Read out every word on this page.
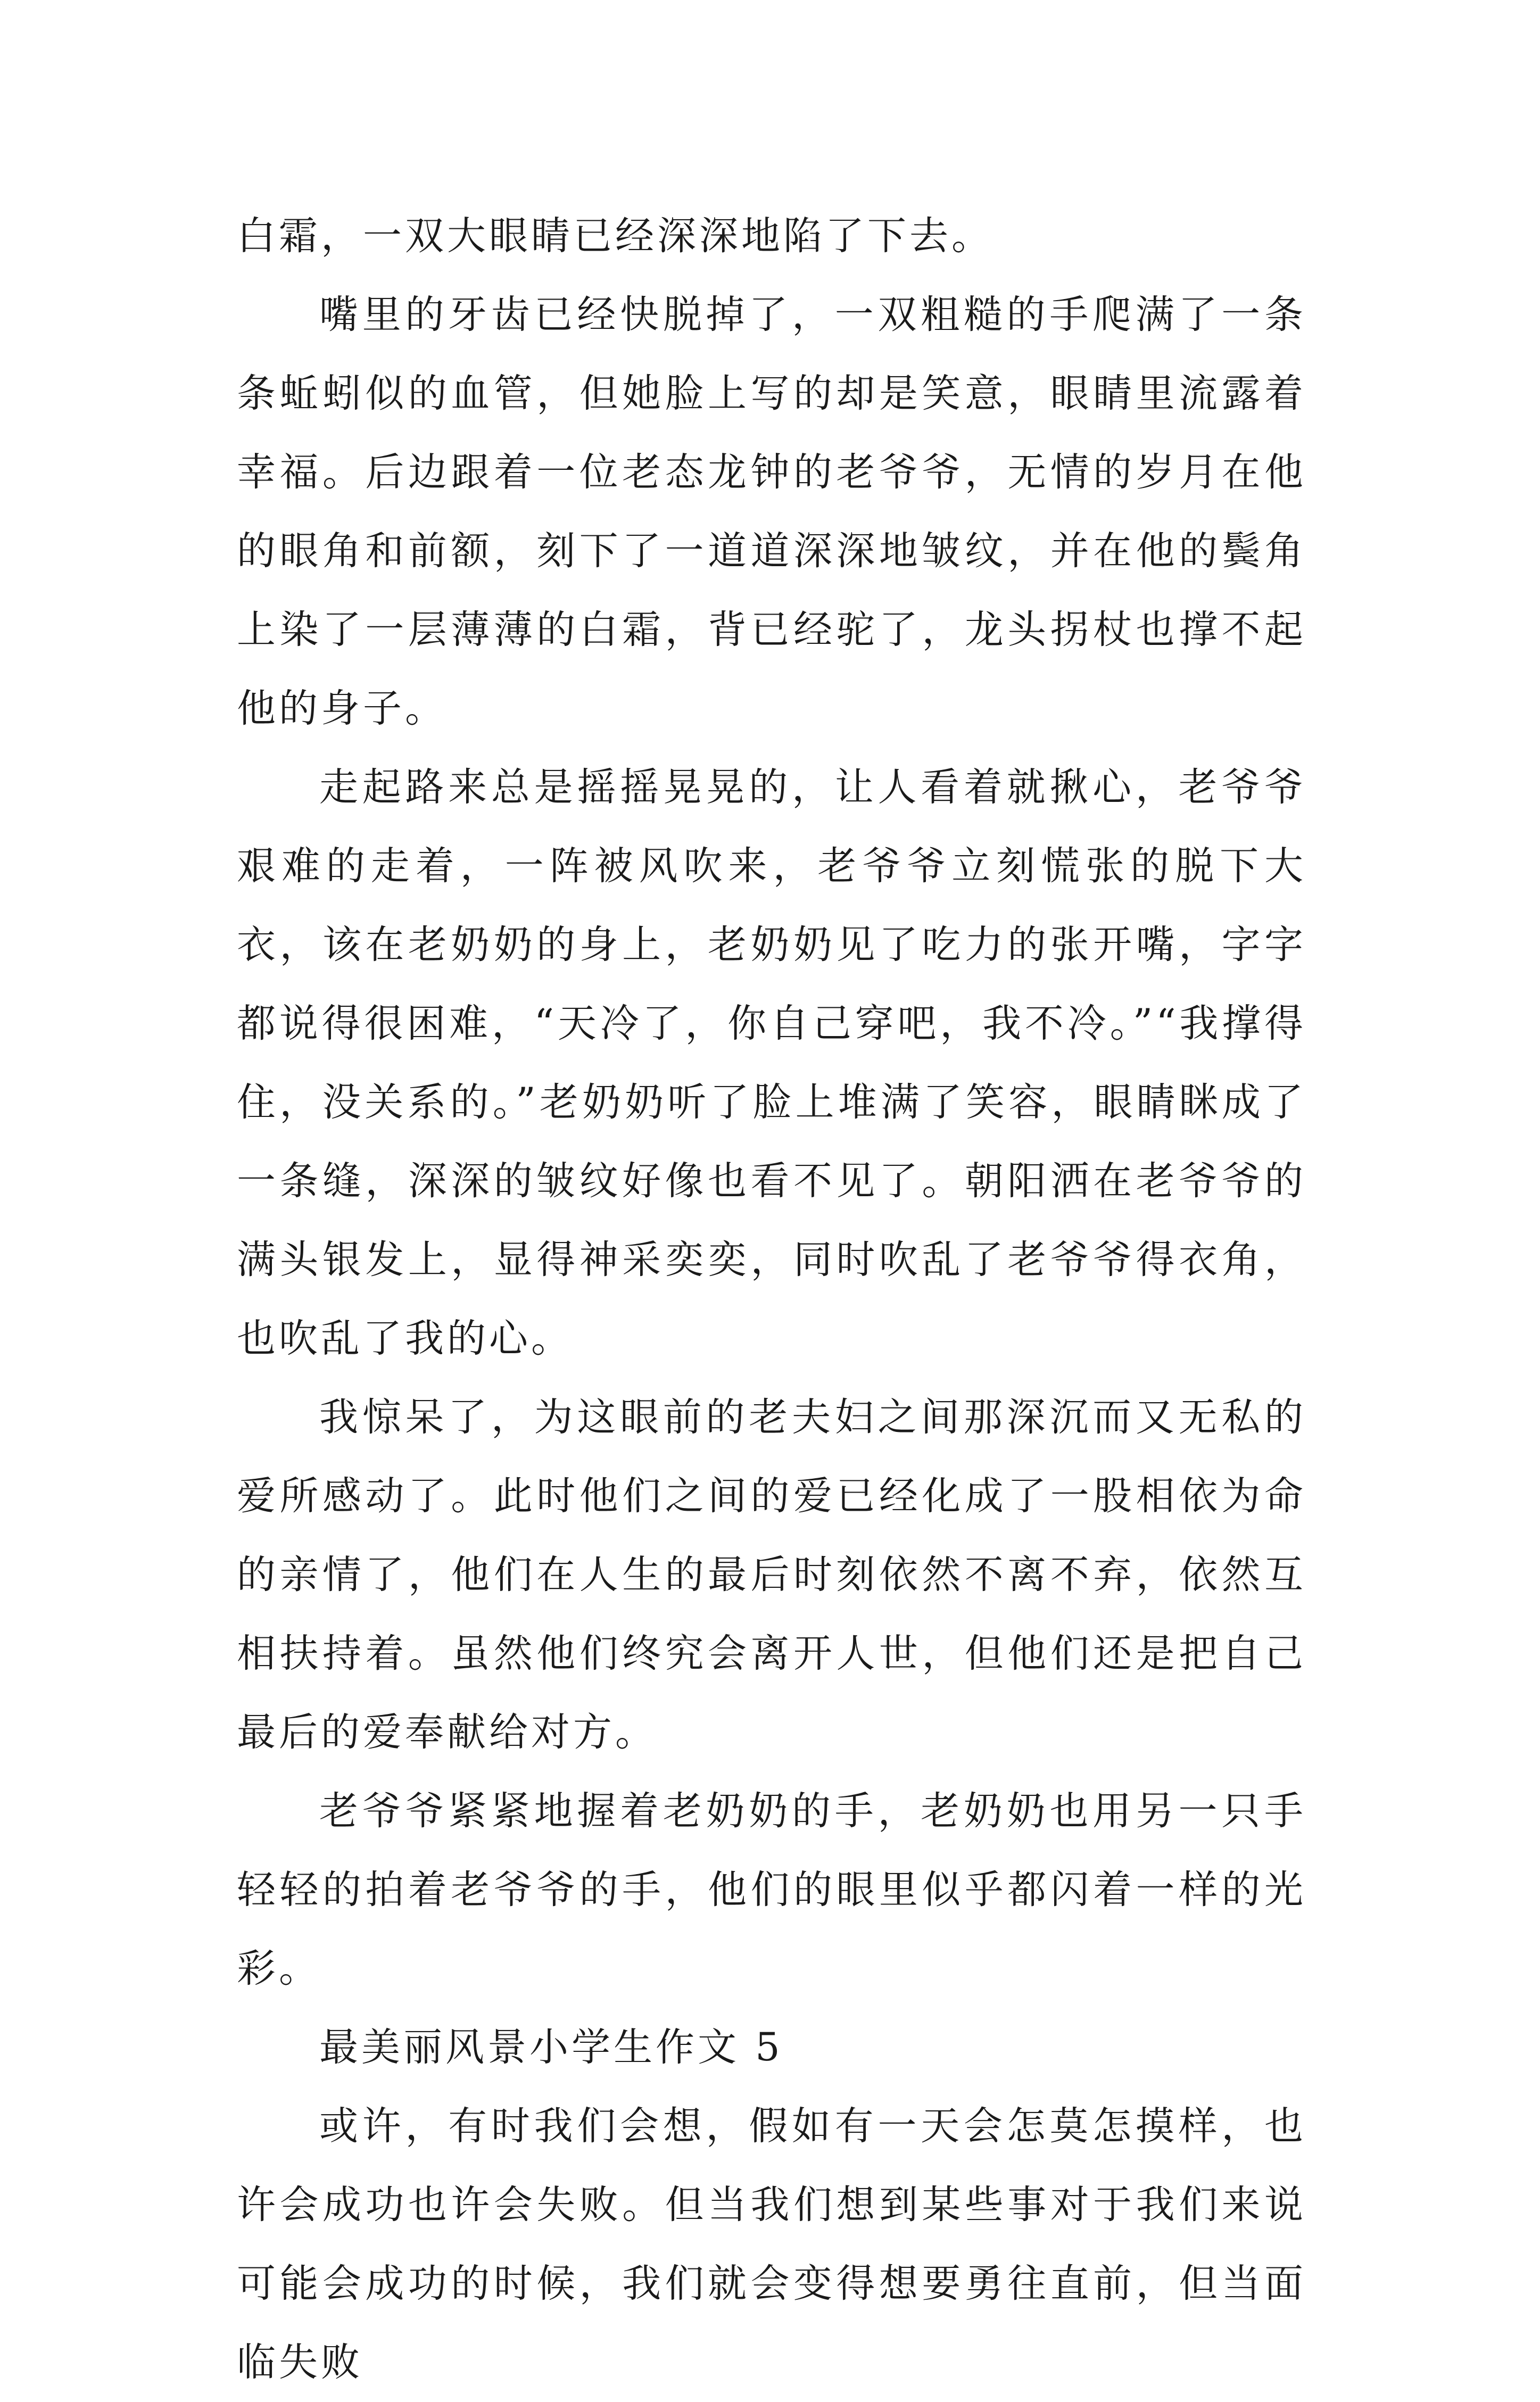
白霜，一双大眼睛已经深深地陷了下去。

嘴里的牙齿已经快脱掉了，一双粗糙的手爬满了一条条蚯蚓似的血管，但她脸上写的却是笑意，眼睛里流露着幸福。后边跟着一位老态龙钟的老爷爷，无情的岁月在他的眼角和前额，刻下了一道道深深地皱纹，并在他的鬓角上染了一层薄薄的白霜，背已经驼了，龙头拐杖也撑不起他的身子。

走起路来总是摇摇晃晃的，让人看着就揪心，老爷爷艰难的走着，一阵被风吹来，老爷爷立刻慌张的脱下大衣，该在老奶奶的身上，老奶奶见了吃力的张开嘴，字字都说得很困难，“天冷了，你自己穿吧，我不冷。”“我撑得住，没关系的。”老奶奶听了脸上堆满了笑容，眼睛眯成了一条缝，深深的皱纹好像也看不见了。朝阳洒在老爷爷的满头银发上，显得神采奕奕，同时吹乱了老爷爷得衣角，也吹乱了我的心。

我惊呆了，为这眼前的老夫妇之间那深沉而又无私的爱所感动了。此时他们之间的爱已经化成了一股相依为命的亲情了，他们在人生的最后时刻依然不离不弃，依然互相扶持着。虽然他们终究会离开人世，但他们还是把自己最后的爱奉献给对方。

老爷爷紧紧地握着老奶奶的手，老奶奶也用另一只手轻轻的拍着老爷爷的手，他们的眼里似乎都闪着一样的光彩。

最美丽风景小学生作文 5

或许，有时我们会想，假如有一天会怎莫怎摸样，也许会成功也许会失败。但当我们想到某些事对于我们来说可能会成功的时候，我们就会变得想要勇往直前，但当面临失败
